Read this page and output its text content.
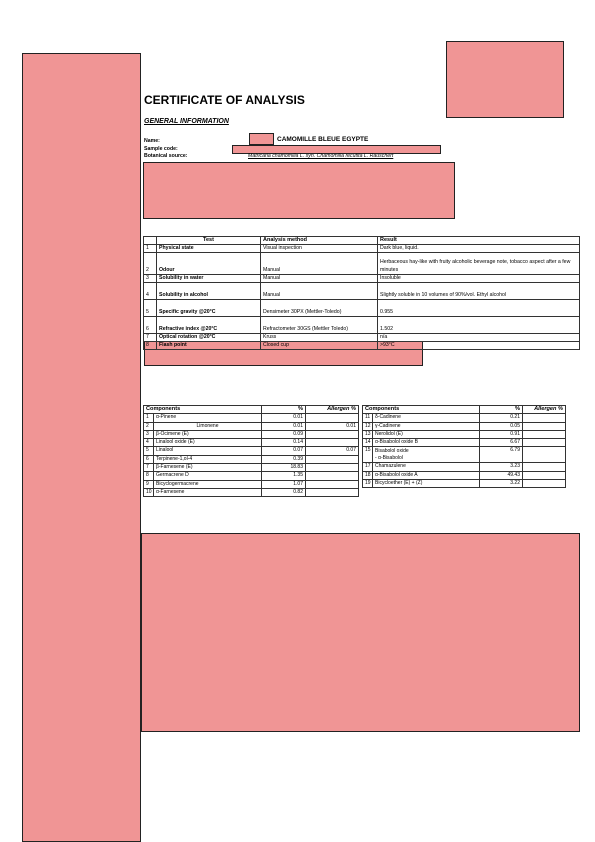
CERTIFICATE OF ANALYSIS
GENERAL INFORMATION
Name:	CAMOMILLE BLEUE EGYPTE
Sample code:
Botanical source:	Matricaria chamomilla L. syn. Chamomilla recutita L. Rauschert
	Test	Analysis method	Result
1	Physical state	Visual inspection	Dark blue, liquid.
2	Odour	Manual	Herbaceous hay-like with fruity alcoholic beverage note, tobacco aspect after a few minutes
3	Solubility in water	Manual	Insoluble
4	Solubility in alcohol	Manual	Slightly soluble in 10 volumes of 90%/vol. Ethyl alcohol
5	Specific gravity @20°C	Densimeter 30PX (Mettler-Toledo)	0.955
6	Refractive index @20°C	Refractometer 30GS (Mettler Toledo)	1.502
7	Optical rotation @20°C	Kruss	n/a
8	Flash point	Closed cup	>93°C
Components		%	Allergen %
1	α-Pinene	0.01	
2	Limonene	0.01	0.01
3	β-Ocimene (E)	0.09	
4	Linalool oxide (E)	0.14	
5	Linalool	0.07	0.07
6	Terpinene-1,ol-4	0.39	
7	β-Farnesene (E)	18.83	
8	Germacrene D	1.35	
9	Bicyclogermacrene	1.07	
10	α-Farnesene	0.82	
Components		%	Allergen %
11	δ-Cadinene	0.21	
12	γ-Cadinene	0.05	
13	Nerolidol (E)	0.91	
14	α-Bisabolol oxide B	6.67	
15	Bisabolol oxide
- α-Bisabolol	6.79	
17	Chamazulene	3.23	
18	α-Bisabolol oxide A	49.43	
19	Bicycloether (E) + (Z)	3.22	
